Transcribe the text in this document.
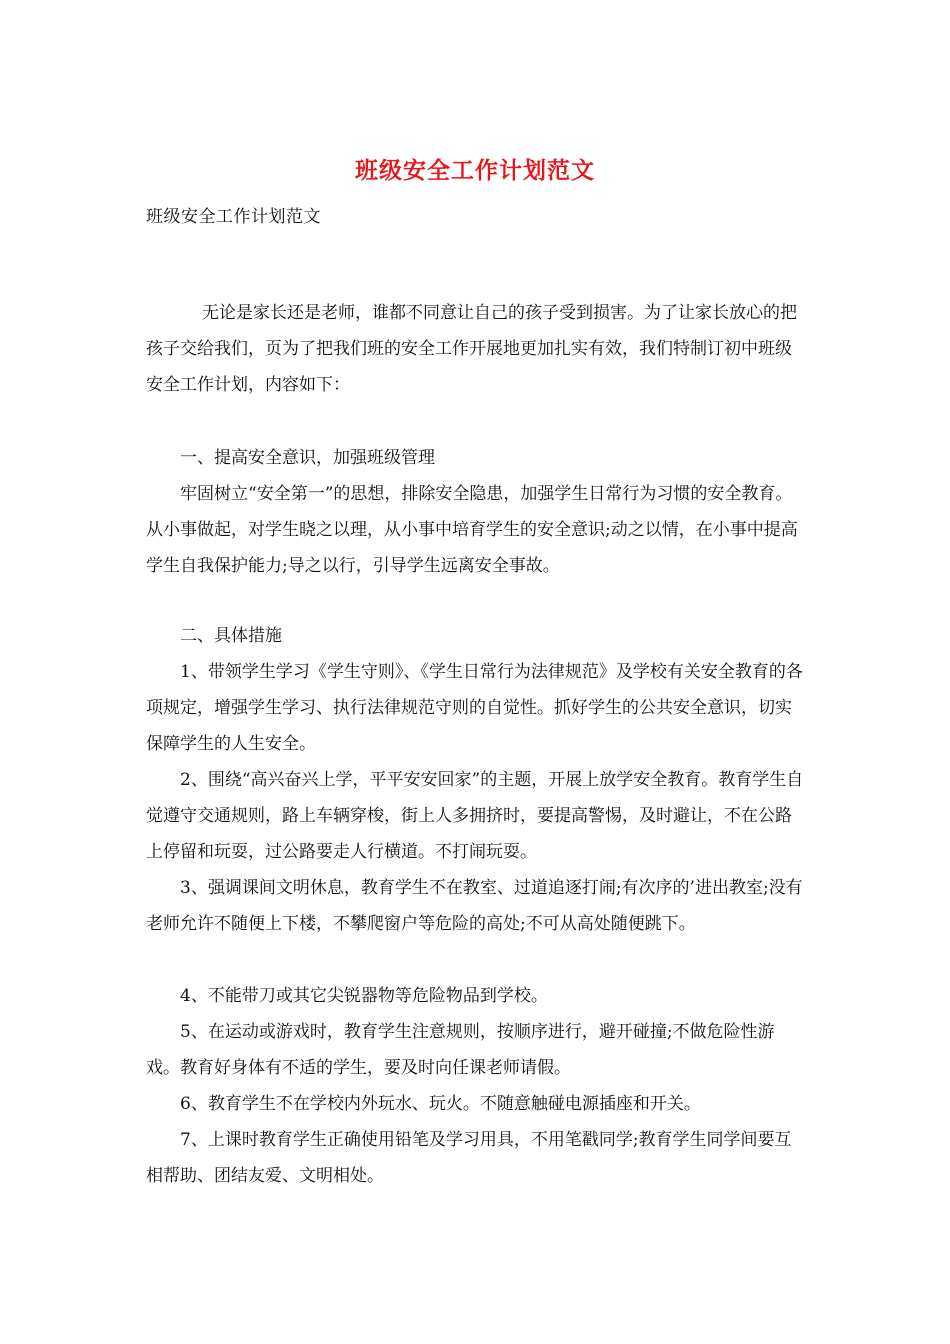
班级安全工作计划范文
班级安全工作计划范文

无论是家长还是老师，谁都不同意让自己的孩子受到损害。为了让家长放心的把孩子交给我们，页为了把我们班的安全工作开展地更加扎实有效，我们特制订初中班级安全工作计划，内容如下：

一、提高安全意识，加强班级管理

牢固树立“安全第一”的思想，排除安全隐患，加强学生日常行为习惯的安全教育。从小事做起，对学生晓之以理，从小事中培育学生的安全意识;动之以情，在小事中提高学生自我保护能力;导之以行，引导学生远离安全事故。

二、具体措施

1、带领学生学习《学生守则》、《学生日常行为法律规范》及学校有关安全教育的各项规定，增强学生学习、执行法律规范守则的自觉性。抓好学生的公共安全意识，切实保障学生的人生安全。

2、围绕“高兴奋兴上学，平平安安回家”的主题，开展上放学安全教育。教育学生自觉遵守交通规则，路上车辆穿梭，街上人多拥挤时，要提高警惕，及时避让，不在公路上停留和玩耍，过公路要走人行横道。不打闹玩耍。

3、强调课间文明休息，教育学生不在教室、过道追逐打闹;有次序的’进出教室;没有老师允许不随便上下楼，不攀爬窗户等危险的高处;不可从高处随便跳下。

4、不能带刀或其它尖锐器物等危险物品到学校。

5、在运动或游戏时，教育学生注意规则，按顺序进行，避开碰撞;不做危险性游戏。教育好身体有不适的学生，要及时向任课老师请假。

6、教育学生不在学校内外玩水、玩火。不随意触碰电源插座和开关。

7、上课时教育学生正确使用铅笔及学习用具，不用笔戳同学;教育学生同学间要互相帮助、团结友爱、文明相处。
